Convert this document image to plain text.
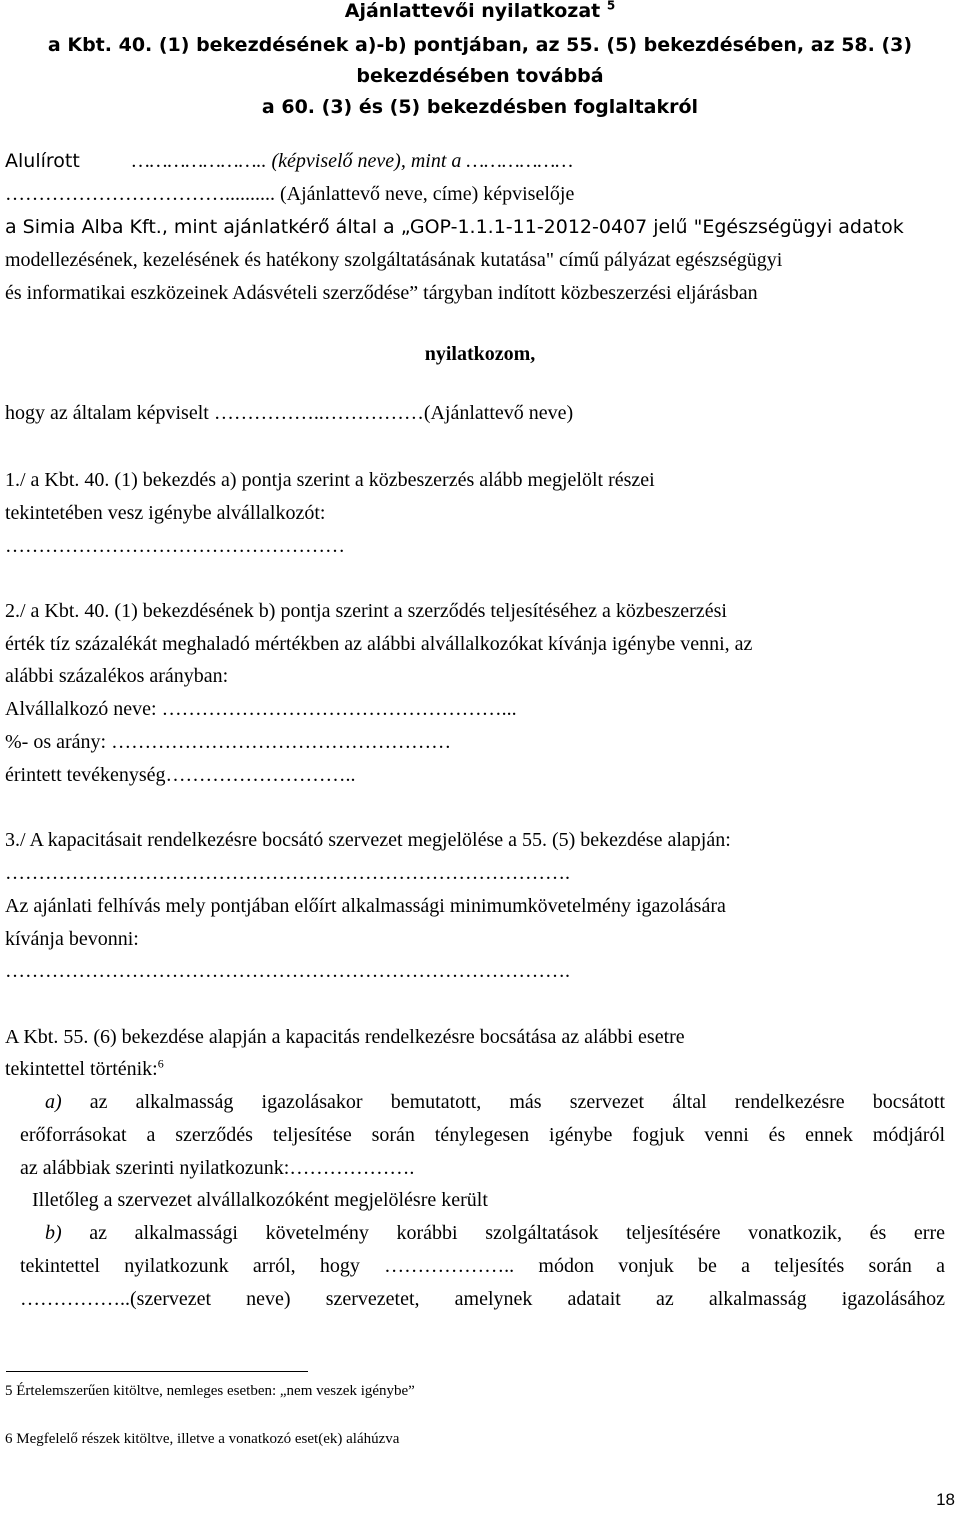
Ajánlattevői nyilatkozat $^5$
a Kbt. 40. (1) bekezdésének a)-b) pontjában, az 55. (5) bekezdésében, az 58. (3)
bekezdésében továbbá
a 60. (3) és (5) bekezdésben foglaltakról
Alulírott	………………….. (képviselő neve), mint a ………………
…………………………….......... (Ajánlattevő neve, címe) képviselője
a Simia Alba Kft., mint ajánlatkérő által a „GOP-1.1.1-11-2012-0407 jelű "Egészségügyi adatok
modellezésének, kezelésének és hatékony szolgáltatásának kutatása" című pályázat egészségügyi
és informatikai eszközeinek Adásvételi szerződése” tárgyban indított közbeszerzési eljárásban
nyilatkozom,
hogy az általam képviselt ……………..……………(Ajánlattevő neve)
1./ a Kbt. 40. (1) bekezdés a) pontja szerint a közbeszerzés alább megjelölt részei
tekintetében vesz igénybe alvállalkozót:
……………………………………………
2./ a Kbt. 40. (1) bekezdésének b) pontja szerint a szerződés teljesítéséhez a közbeszerzési
érték tíz százalékát meghaladó mértékben az alábbi alvállalkozókat kívánja igénybe venni, az
alábbi százalékos arányban:
Alvállalkozó neve: ……………………………………………...
%- os arány: ……………………………………………
érintett tevékenység………………………..
3./ A kapacitásait rendelkezésre bocsátó szervezet megjelölése a 55. (5) bekezdése alapján:
………………………………………………………………………….
Az ajánlati felhívás mely pontjában előírt alkalmassági minimumkövetelmény igazolására
kívánja bevonni:
………………………………………………………………………….
A Kbt. 55. (6) bekezdése alapján a kapacitás rendelkezésre bocsátása az alábbi esetre
tekintettel történik:$^6$
a) az alkalmasság igazolásakor bemutatott, más szervezet által rendelkezésre bocsátott
erőforrásokat a szerződés teljesítése során ténylegesen igénybe fogjuk venni és ennek módjáról
az alábbiak szerinti nyilatkozunk:……………….
Illetőleg a szervezet alvállalkozóként megjelölésre került
b) az alkalmassági követelmény korábbi szolgáltatások teljesítésére vonatkozik, és erre
tekintettel nyilatkozunk arról, hogy ……………….. módon vonjuk be a teljesítés során a
……………..(szervezet neve) szervezetet, amelynek adatait az alkalmasság igazolásához
5 Értelemszerűen kitöltve, nemleges esetben: „nem veszek igénybe”
6 Megfelelő részek kitöltve, illetve a vonatkozó eset(ek) aláhúzva
18
